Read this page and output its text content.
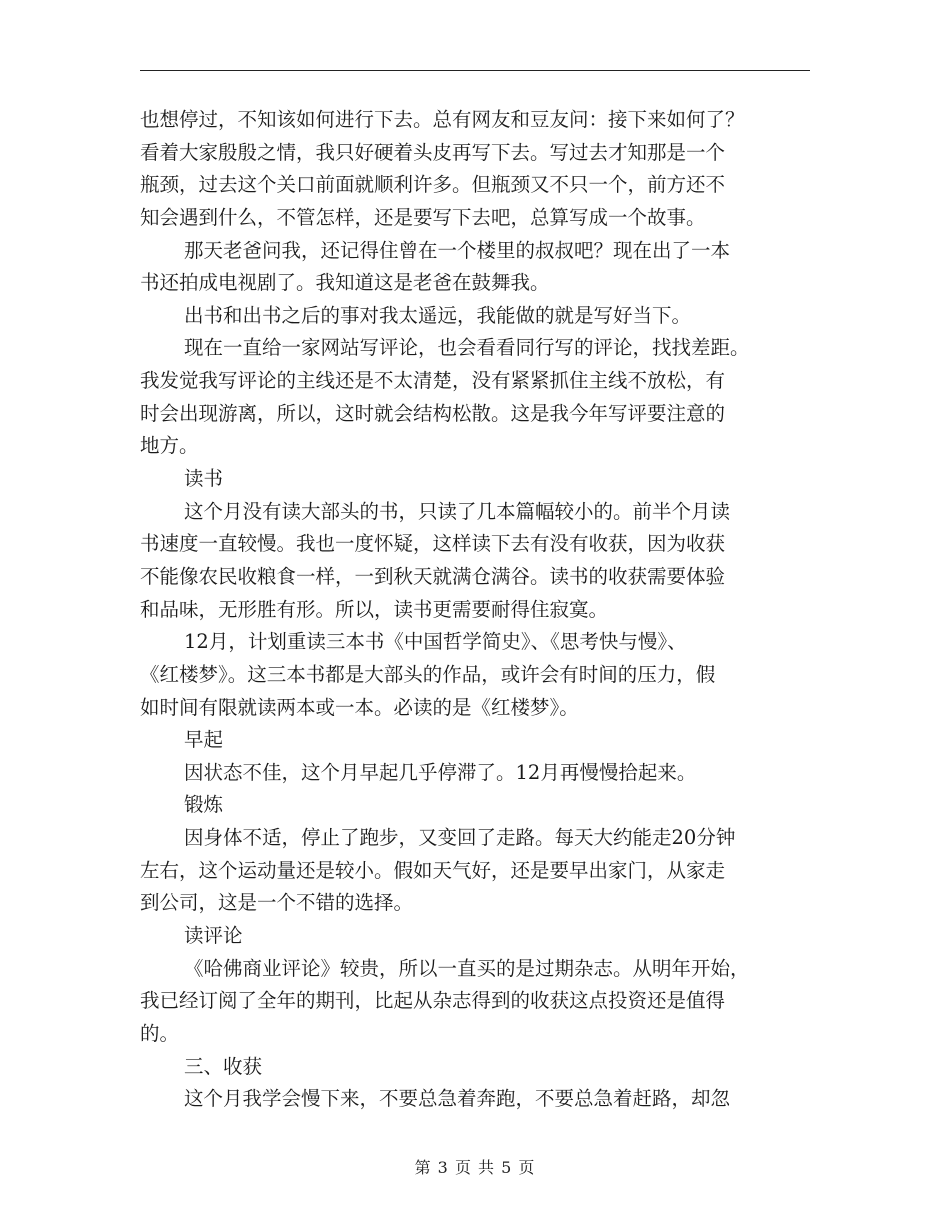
也想停过，不知该如何进行下去。总有网友和豆友问：接下来如何了？
看着大家殷殷之情，我只好硬着头皮再写下去。写过去才知那是一个
瓶颈，过去这个关口前面就顺利许多。但瓶颈又不只一个，前方还不
知会遇到什么，不管怎样，还是要写下去吧，总算写成一个故事。
那天老爸问我，还记得住曾在一个楼里的叔叔吧？现在出了一本
书还拍成电视剧了。我知道这是老爸在鼓舞我。
出书和出书之后的事对我太遥远，我能做的就是写好当下。
现在一直给一家网站写评论，也会看看同行写的评论，找找差距。
我发觉我写评论的主线还是不太清楚，没有紧紧抓住主线不放松，有
时会出现游离，所以，这时就会结构松散。这是我今年写评要注意的
地方。
读书
这个月没有读大部头的书，只读了几本篇幅较小的。前半个月读
书速度一直较慢。我也一度怀疑，这样读下去有没有收获，因为收获
不能像农民收粮食一样，一到秋天就满仓满谷。读书的收获需要体验
和品味，无形胜有形。所以，读书更需要耐得住寂寞。
12月，计划重读三本书《中国哲学简史》、《思考快与慢》、
《红楼梦》。这三本书都是大部头的作品，或许会有时间的压力，假
如时间有限就读两本或一本。必读的是《红楼梦》。
早起
因状态不佳，这个月早起几乎停滞了。12月再慢慢拾起来。
锻炼
因身体不适，停止了跑步，又变回了走路。每天大约能走20分钟
左右，这个运动量还是较小。假如天气好，还是要早出家门，从家走
到公司，这是一个不错的选择。
读评论
《哈佛商业评论》较贵，所以一直买的是过期杂志。从明年开始，
我已经订阅了全年的期刊，比起从杂志得到的收获这点投资还是值得
的。
三、收获
这个月我学会慢下来，不要总急着奔跑，不要总急着赶路，却忽
第 3 页 共 5 页
